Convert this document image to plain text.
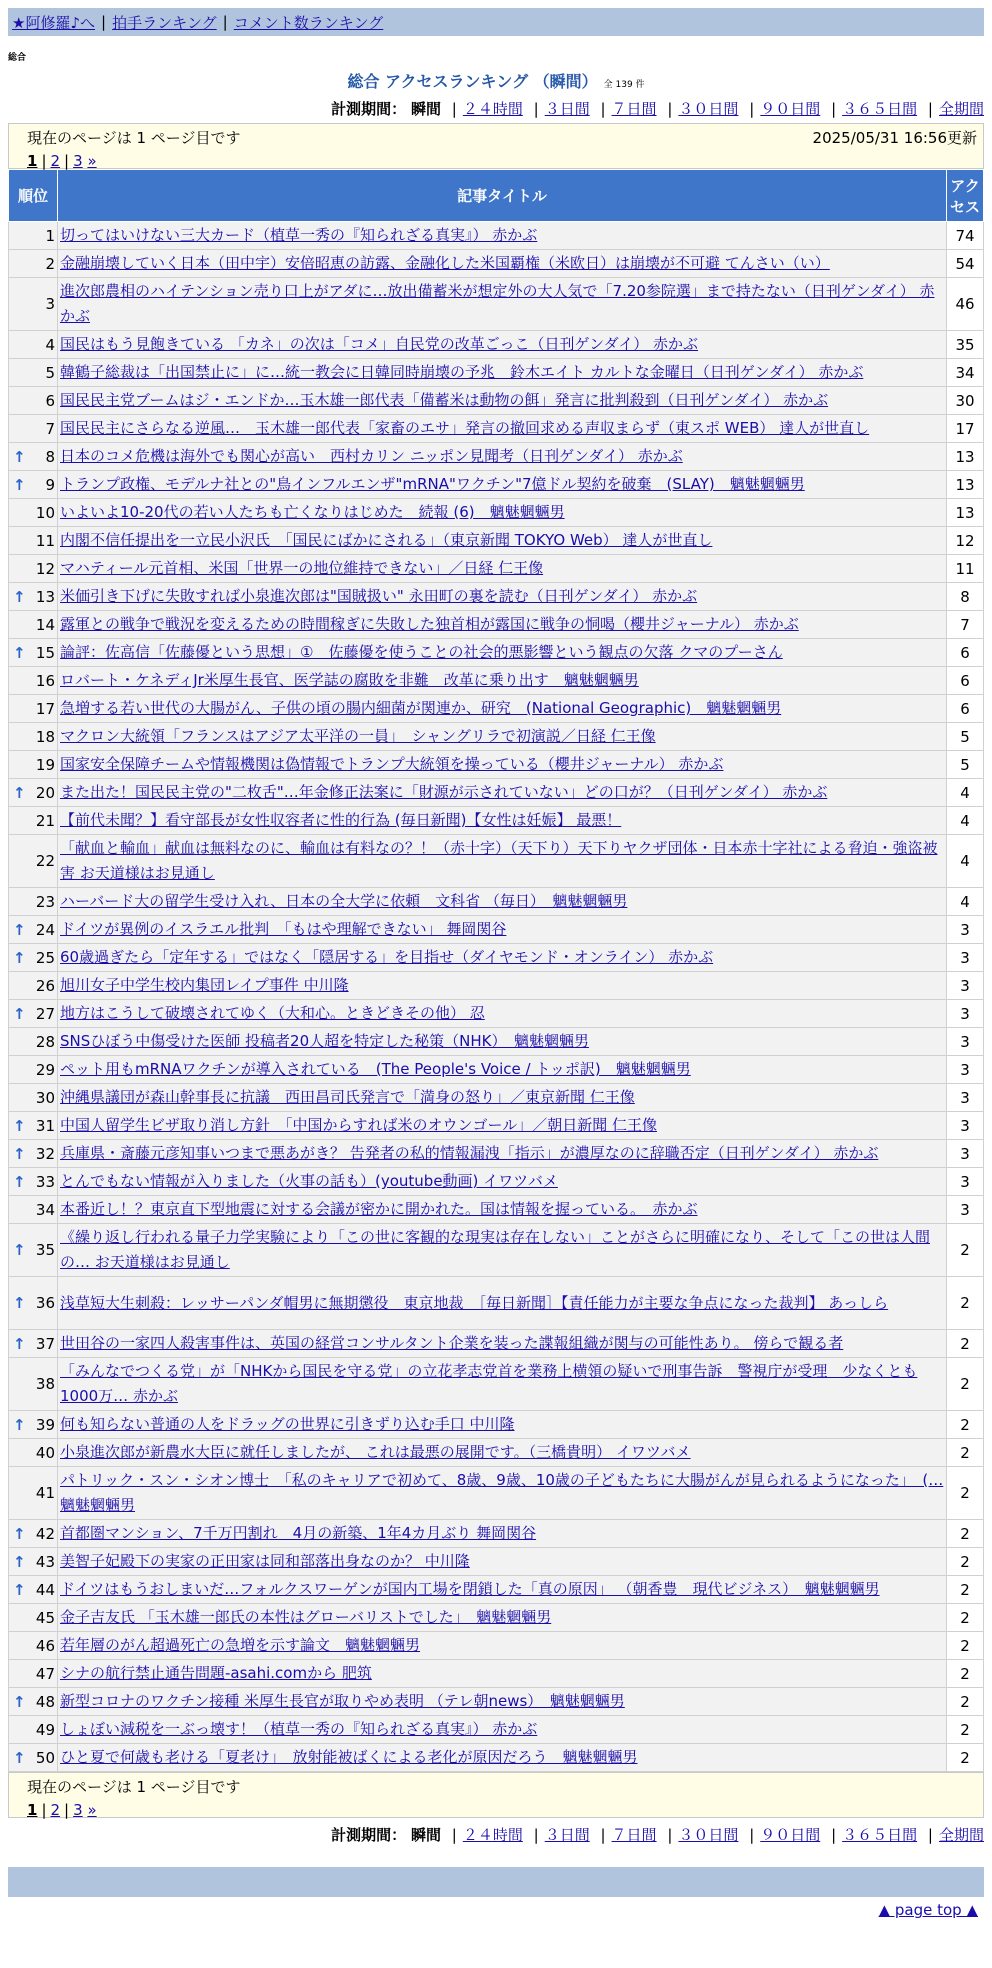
★阿修羅♪へ | 拍手ランキング | コメント数ランキング
総合
総合 アクセスランキング （瞬間） 全 139 件
計測期間： 瞬間 | ２４時間 | ３日間 | ７日間 | ３０日間 | ９０日間 | ３６５日間 | 全期間
現在のページは 1 ページ目です	2025/05/31 16:56更新
1 | 2 | 3 »
順位	記事タイトル	アクセス
1	切ってはいけない三大カード（植草一秀の『知られざる真実』） 赤かぶ	74
2	金融崩壊していく日本（田中宇）安倍昭恵の訪露、金融化した米国覇権（米欧日）は崩壊が不可避 てんさい（い）	54
3	進次郎農相のハイテンション売り口上がアダに…放出備蓄米が想定外の大人気で「7.20参院選」まで持たない（日刊ゲンダイ） 赤かぶ	46
4	国民はもう見飽きている 「カネ」の次は「コメ」自民党の改革ごっこ（日刊ゲンダイ） 赤かぶ	35
5	韓鶴子総裁は「出国禁止に」に…統一教会に日韓同時崩壊の予兆　鈴木エイト カルトな金曜日（日刊ゲンダイ） 赤かぶ	34
6	国民民主党ブームはジ・エンドか…玉木雄一郎代表「備蓄米は動物の餌」発言に批判殺到（日刊ゲンダイ） 赤かぶ	30
7	国民民主にさらなる逆風…　玉木雄一郎代表「家畜のエサ」発言の撤回求める声収まらず（東スポ WEB） 達人が世直し	17

↑ 8	日本のコメ危機は海外でも関心が高い　西村カリン ニッポン見聞考（日刊ゲンダイ） 赤かぶ	13

↑ 9	トランプ政権、モデルナ社との"鳥インフルエンザ"mRNA"ワクチン"7億ドル契約を破棄　(SLAY)　魑魅魍魎男	13
10	いよいよ10-20代の若い人たちも亡くなりはじめた　続報 (6)　魑魅魍魎男	13
11	内閣不信任提出を一立民小沢氏　「国民にばかにされる」（東京新聞 TOKYO Web） 達人が世直し	12
12	マハティール元首相、米国「世界一の地位維持できない」／日経 仁王像	11

↑ 13	米価引き下げに失敗すれば小泉進次郎は"国賊扱い" 永田町の裏を読む（日刊ゲンダイ） 赤かぶ	8
14	露軍との戦争で戦況を変えるための時間稼ぎに失敗した独首相が露国に戦争の恫喝（櫻井ジャーナル） 赤かぶ	7

↑ 15	論評：佐高信「佐藤優という思想」①　佐藤優を使うことの社会的悪影響という観点の欠落 クマのプーさん	6
16	ロバート・ケネディJr米厚生長官、医学誌の腐敗を非難　改革に乗り出す　魑魅魍魎男	6
17	急増する若い世代の大腸がん、子供の頃の腸内細菌が関連か、研究　(National Geographic)　魑魅魍魎男	6
18	マクロン大統領「フランスはアジア太平洋の一員」　シャングリラで初演説／日経 仁王像	5
19	国家安全保障チームや情報機関は偽情報でトランプ大統領を操っている（櫻井ジャーナル） 赤かぶ	5

↑ 20	また出た！国民民主党の"二枚舌"…年金修正法案に「財源が示されていない」どの口が？（日刊ゲンダイ） 赤かぶ	4
21	【前代未聞？】看守部長が女性収容者に性的行為 (毎日新聞)【女性は妊娠】 最悪！	4
22	「献血と輸血」献血は無料なのに、輸血は有料なの？！（赤十字）（天下り）天下りヤクザ団体・日本赤十字社による脅迫・強盗被害 お天道様はお見通し	4
23	ハーバード大の留学生受け入れ、日本の全大学に依頼　文科省 （毎日）　魑魅魍魎男	4

↑ 24	ドイツが異例のイスラエル批判　「もはや理解できない」 舞岡関谷	3

↑ 25	60歳過ぎたら「定年する」ではなく「隠居する」を目指せ（ダイヤモンド・オンライン） 赤かぶ	3
26	旭川女子中学生校内集団レイプ事件 中川隆	3

↑ 27	地方はこうして破壊されてゆく（大和心。ときどきその他） 忍	3
28	SNSひぼう中傷受けた医師 投稿者20人超を特定した秘策（NHK）　魑魅魍魎男	3
29	ペット用もmRNAワクチンが導入されている　(The People's Voice / トッポ訳)　魑魅魍魎男	3
30	沖縄県議団が森山幹事長に抗議　西田昌司氏発言で「満身の怒り」／東京新聞 仁王像	3

↑ 31	中国人留学生ビザ取り消し方針　「中国からすれば米のオウンゴール」／朝日新聞 仁王像	3

↑ 32	兵庫県・斎藤元彦知事いつまで悪あがき？ 告発者の私的情報漏洩「指示」が濃厚なのに辞職否定（日刊ゲンダイ） 赤かぶ	3

↑ 33	とんでもない情報が入りました（火事の話も）(youtube動画) イワツバメ	3
34	本番近し！？東京直下型地震に対する会議が密かに開かれた。国は情報を握っている。　赤かぶ	3

↑ 35	《繰り返し行われる量子力学実験により「この世に客観的な現実は存在しない」ことがさらに明確になり、そして「この世は人間の… お天道様はお見通し	2

↑ 36	浅草短大生刺殺：レッサーパンダ帽男に無期懲役　東京地裁　［毎日新聞］【責任能力が主要な争点になった裁判】 あっしら	2

↑ 37	世田谷の一家四人殺害事件は、英国の経営コンサルタント企業を装った諜報組織が関与の可能性あり。 傍らで観る者	2
38	「みんなでつくる党」が「NHKから国民を守る党」の立花孝志党首を業務上横領の疑いで刑事告訴　警視庁が受理　少なくとも1000万… 赤かぶ	2

↑ 39	何も知らない普通の人をドラッグの世界に引きずり込む手口 中川隆	2
40	小泉進次郎が新農水大臣に就任しましたが、 これは最悪の展開です。（三橋貴明） イワツバメ	2
41	パトリック・スン・シオン博士　「私のキャリアで初めて、8歳、9歳、10歳の子どもたちに大腸がんが見られるようになった」　(… 魑魅魍魎男	2

↑ 42	首都圏マンション、7千万円割れ　4月の新築、1年4カ月ぶり 舞岡関谷	2

↑ 43	美智子妃殿下の実家の正田家は同和部落出身なのか？ 中川隆	2

↑ 44	ドイツはもうおしまいだ…フォルクスワーゲンが国内工場を閉鎖した「真の原因」 （朝香豊　現代ビジネス）　魑魅魍魎男	2
45	金子吉友氏 「玉木雄一郎氏の本性はグローバリストでした」　魑魅魍魎男	2
46	若年層のがん超過死亡の急増を示す論文　魑魅魍魎男	2
47	シナの航行禁止通告問題-asahi.comから 肥筑	2

↑ 48	新型コロナのワクチン接種 米厚生長官が取りやめ表明 （テレ朝news）　魑魅魍魎男	2
49	しょぼい減税を一ぶっ壊す！（植草一秀の『知られざる真実』） 赤かぶ	2

↑ 50	ひと夏で何歳も老ける「夏老け」　放射能被ばくによる老化が原因だろう　魑魅魍魎男	2
現在のページは 1 ページ目です
1 | 2 | 3 »
計測期間： 瞬間 | ２４時間 | ３日間 | ７日間 | ３０日間 | ９０日間 | ３６５日間 | 全期間
▲ page top ▲
